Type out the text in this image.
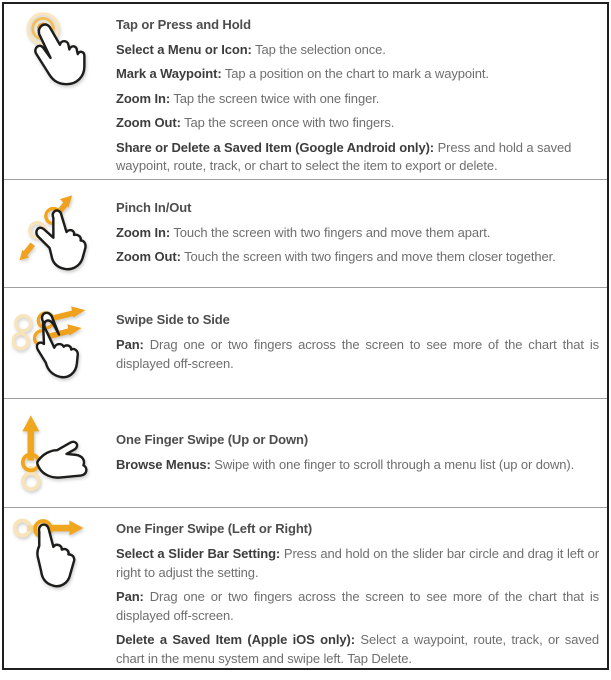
Tap or Press and Hold

Select a Menu or Icon: Tap the selection once.

Mark a Waypoint: Tap a position on the chart to mark a waypoint.

Zoom In: Tap the screen twice with one finger.

Zoom Out: Tap the screen once with two fingers.

Share or Delete a Saved Item (Google Android only): Press and hold a saved waypoint, route, track, or chart to select the item to export or delete.

Pinch In/Out

Zoom In: Touch the screen with two fingers and move them apart.

Zoom Out: Touch the screen with two fingers and move them closer together.

Swipe Side to Side

Pan: Drag one or two fingers across the screen to see more of the chart that is displayed off-screen.

One Finger Swipe (Up or Down)

Browse Menus: Swipe with one finger to scroll through a menu list (up or down).

One Finger Swipe (Left or Right)

Select a Slider Bar Setting: Press and hold on the slider bar circle and drag it left or right to adjust the setting.

Pan: Drag one or two fingers across the screen to see more of the chart that is displayed off-screen.

Delete a Saved Item (Apple iOS only): Select a waypoint, route, track, or saved chart in the menu system and swipe left. Tap Delete.
